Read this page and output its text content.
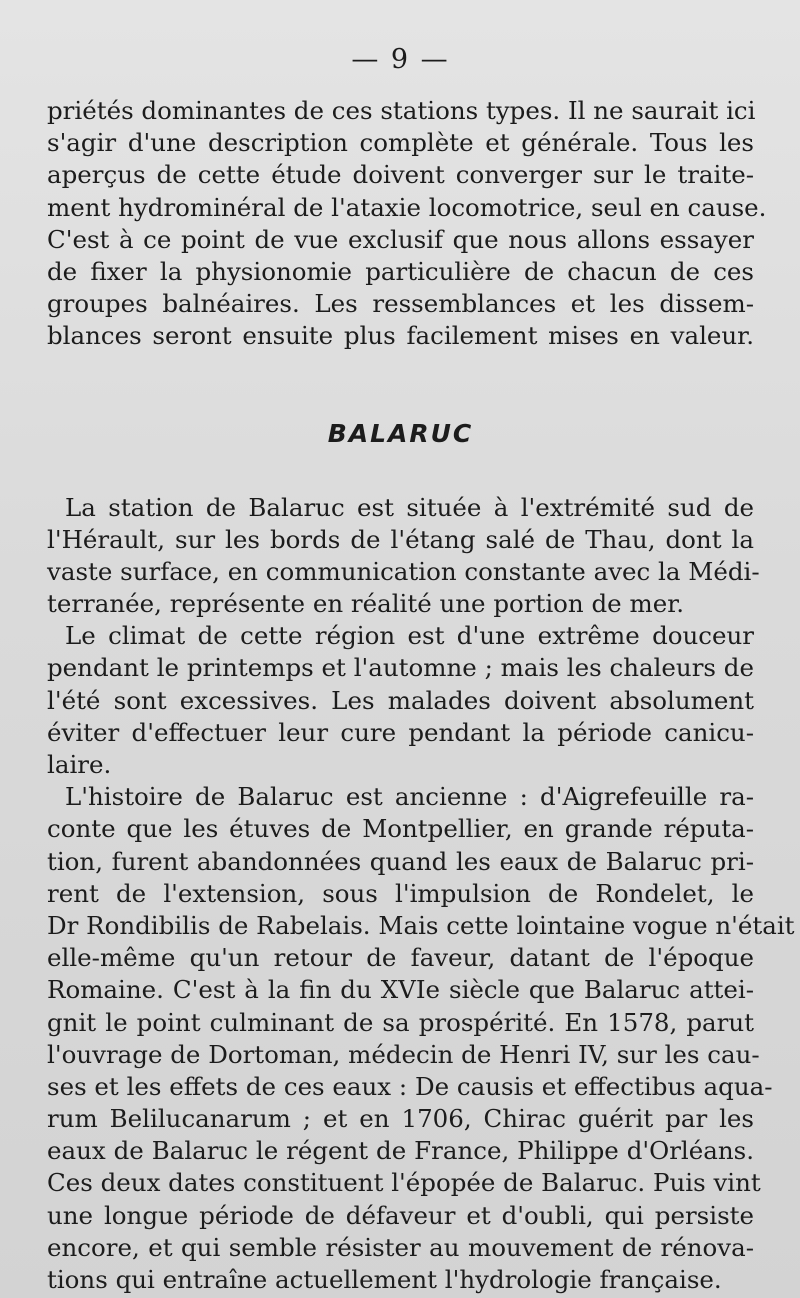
— 9 —
priétés dominantes de ces stations types. Il ne saurait ici
s'agir d'une description complète et générale. Tous les
aperçus de cette étude doivent converger sur le traite-
ment hydrominéral de l'ataxie locomotrice, seul en cause.
C'est à ce point de vue exclusif que nous allons essayer
de fixer la physionomie particulière de chacun de ces
groupes balnéaires. Les ressemblances et les dissem-
blances seront ensuite plus facilement mises en valeur.
BALARUC
La station de Balaruc est située à l'extrémité sud de
l'Hérault, sur les bords de l'étang salé de Thau, dont la
vaste surface, en communication constante avec la Médi-
terranée, représente en réalité une portion de mer.
Le climat de cette région est d'une extrême douceur
pendant le printemps et l'automne ; mais les chaleurs de
l'été sont excessives. Les malades doivent absolument
éviter d'effectuer leur cure pendant la période canicu-
laire.
L'histoire de Balaruc est ancienne : d'Aigrefeuille ra-
conte que les étuves de Montpellier, en grande réputa-
tion, furent abandonnées quand les eaux de Balaruc pri-
rent de l'extension, sous l'impulsion de Rondelet, le
Dr Rondibilis de Rabelais. Mais cette lointaine vogue n'était
elle-même qu'un retour de faveur, datant de l'époque
Romaine. C'est à la fin du XVIe siècle que Balaruc attei-
gnit le point culminant de sa prospérité. En 1578, parut
l'ouvrage de Dortoman, médecin de Henri IV, sur les cau-
ses et les effets de ces eaux : De causis et effectibus aqua-
rum Belilucanarum ; et en 1706, Chirac guérit par les
eaux de Balaruc le régent de France, Philippe d'Orléans.
Ces deux dates constituent l'épopée de Balaruc. Puis vint
une longue période de défaveur et d'oubli, qui persiste
encore, et qui semble résister au mouvement de rénova-
tions qui entraîne actuellement l'hydrologie française.
